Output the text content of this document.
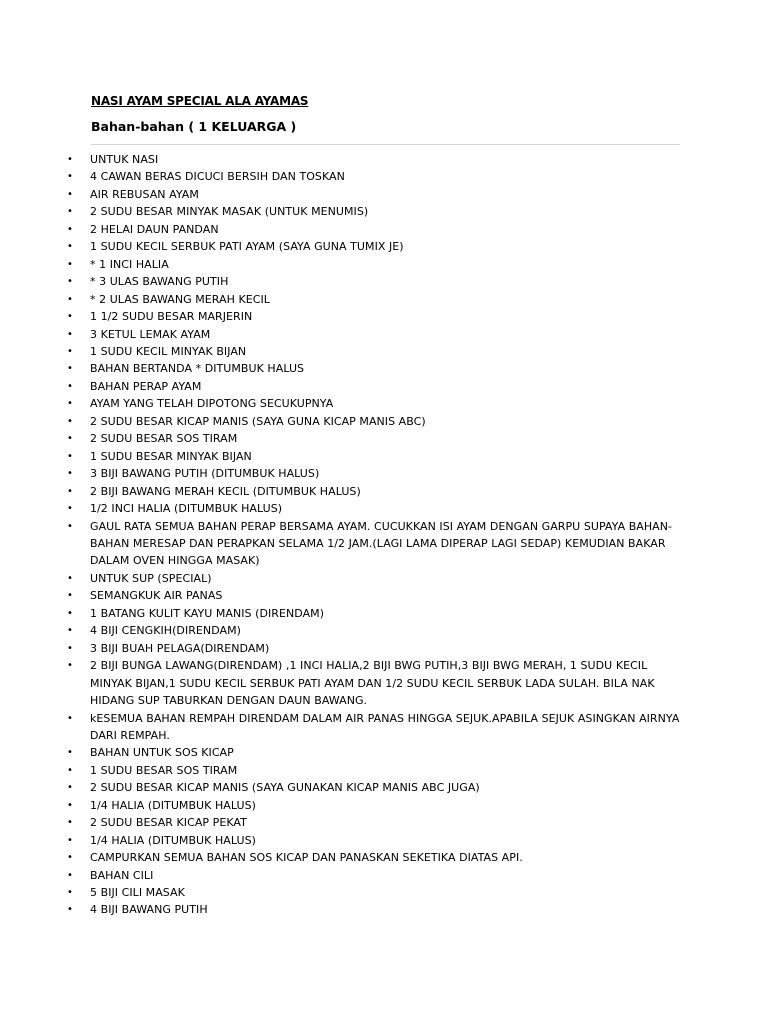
NASI AYAM SPECIAL ALA AYAMAS
Bahan-bahan ( 1 KELUARGA )
• UNTUK NASI
• 4 CAWAN BERAS DICUCI BERSIH DAN TOSKAN
• AIR REBUSAN AYAM
• 2 SUDU BESAR MINYAK MASAK (UNTUK MENUMIS)
• 2 HELAI DAUN PANDAN
• 1 SUDU KECIL SERBUK PATI AYAM (SAYA GUNA TUMIX JE)
• * 1 INCI HALIA
• * 3 ULAS BAWANG PUTIH
• * 2 ULAS BAWANG MERAH KECIL
• 1 1/2 SUDU BESAR MARJERIN
• 3 KETUL LEMAK AYAM
• 1 SUDU KECIL MINYAK BIJAN
• BAHAN BERTANDA * DITUMBUK HALUS
• BAHAN PERAP AYAM
• AYAM YANG TELAH DIPOTONG SECUKUPNYA
• 2 SUDU BESAR KICAP MANIS (SAYA GUNA KICAP MANIS ABC)
• 2 SUDU BESAR SOS TIRAM
• 1 SUDU BESAR MINYAK BIJAN
• 3 BIJI BAWANG PUTIH (DITUMBUK HALUS)
• 2 BIJI BAWANG MERAH KECIL (DITUMBUK HALUS)
• 1/2 INCI HALIA (DITUMBUK HALUS)
• GAUL RATA SEMUA BAHAN PERAP BERSAMA AYAM. CUCUKKAN ISI AYAM DENGAN GARPU SUPAYA BAHAN-BAHAN MERESAP DAN PERAPKAN SELAMA 1/2 JAM.(LAGI LAMA DIPERAP LAGI SEDAP) KEMUDIAN BAKAR DALAM OVEN HINGGA MASAK)
• UNTUK SUP (SPECIAL)
• SEMANGKUK AIR PANAS
• 1 BATANG KULIT KAYU MANIS (DIRENDAM)
• 4 BIJI CENGKIH(DIRENDAM)
• 3 BIJI BUAH PELAGA(DIRENDAM)
• 2 BIJI BUNGA LAWANG(DIRENDAM) ,1 INCI HALIA,2 BIJI BWG PUTIH,3 BIJI BWG MERAH, 1 SUDU KECIL MINYAK BIJAN,1 SUDU KECIL SERBUK PATI AYAM DAN 1/2 SUDU KECIL SERBUK LADA SULAH. BILA NAK HIDANG SUP TABURKAN DENGAN DAUN BAWANG.
• kESEMUA BAHAN REMPAH DIRENDAM DALAM AIR PANAS HINGGA SEJUK.APABILA SEJUK ASINGKAN AIRNYA DARI REMPAH.
• BAHAN UNTUK SOS KICAP
• 1 SUDU BESAR SOS TIRAM
• 2 SUDU BESAR KICAP MANIS (SAYA GUNAKAN KICAP MANIS ABC JUGA)
• 1/4 HALIA (DITUMBUK HALUS)
• 2 SUDU BESAR KICAP PEKAT
• 1/4 HALIA (DITUMBUK HALUS)
• CAMPURKAN SEMUA BAHAN SOS KICAP DAN PANASKAN SEKETIKA DIATAS API.
• BAHAN CILI
• 5 BIJI CILI MASAK
• 4 BIJI BAWANG PUTIH
